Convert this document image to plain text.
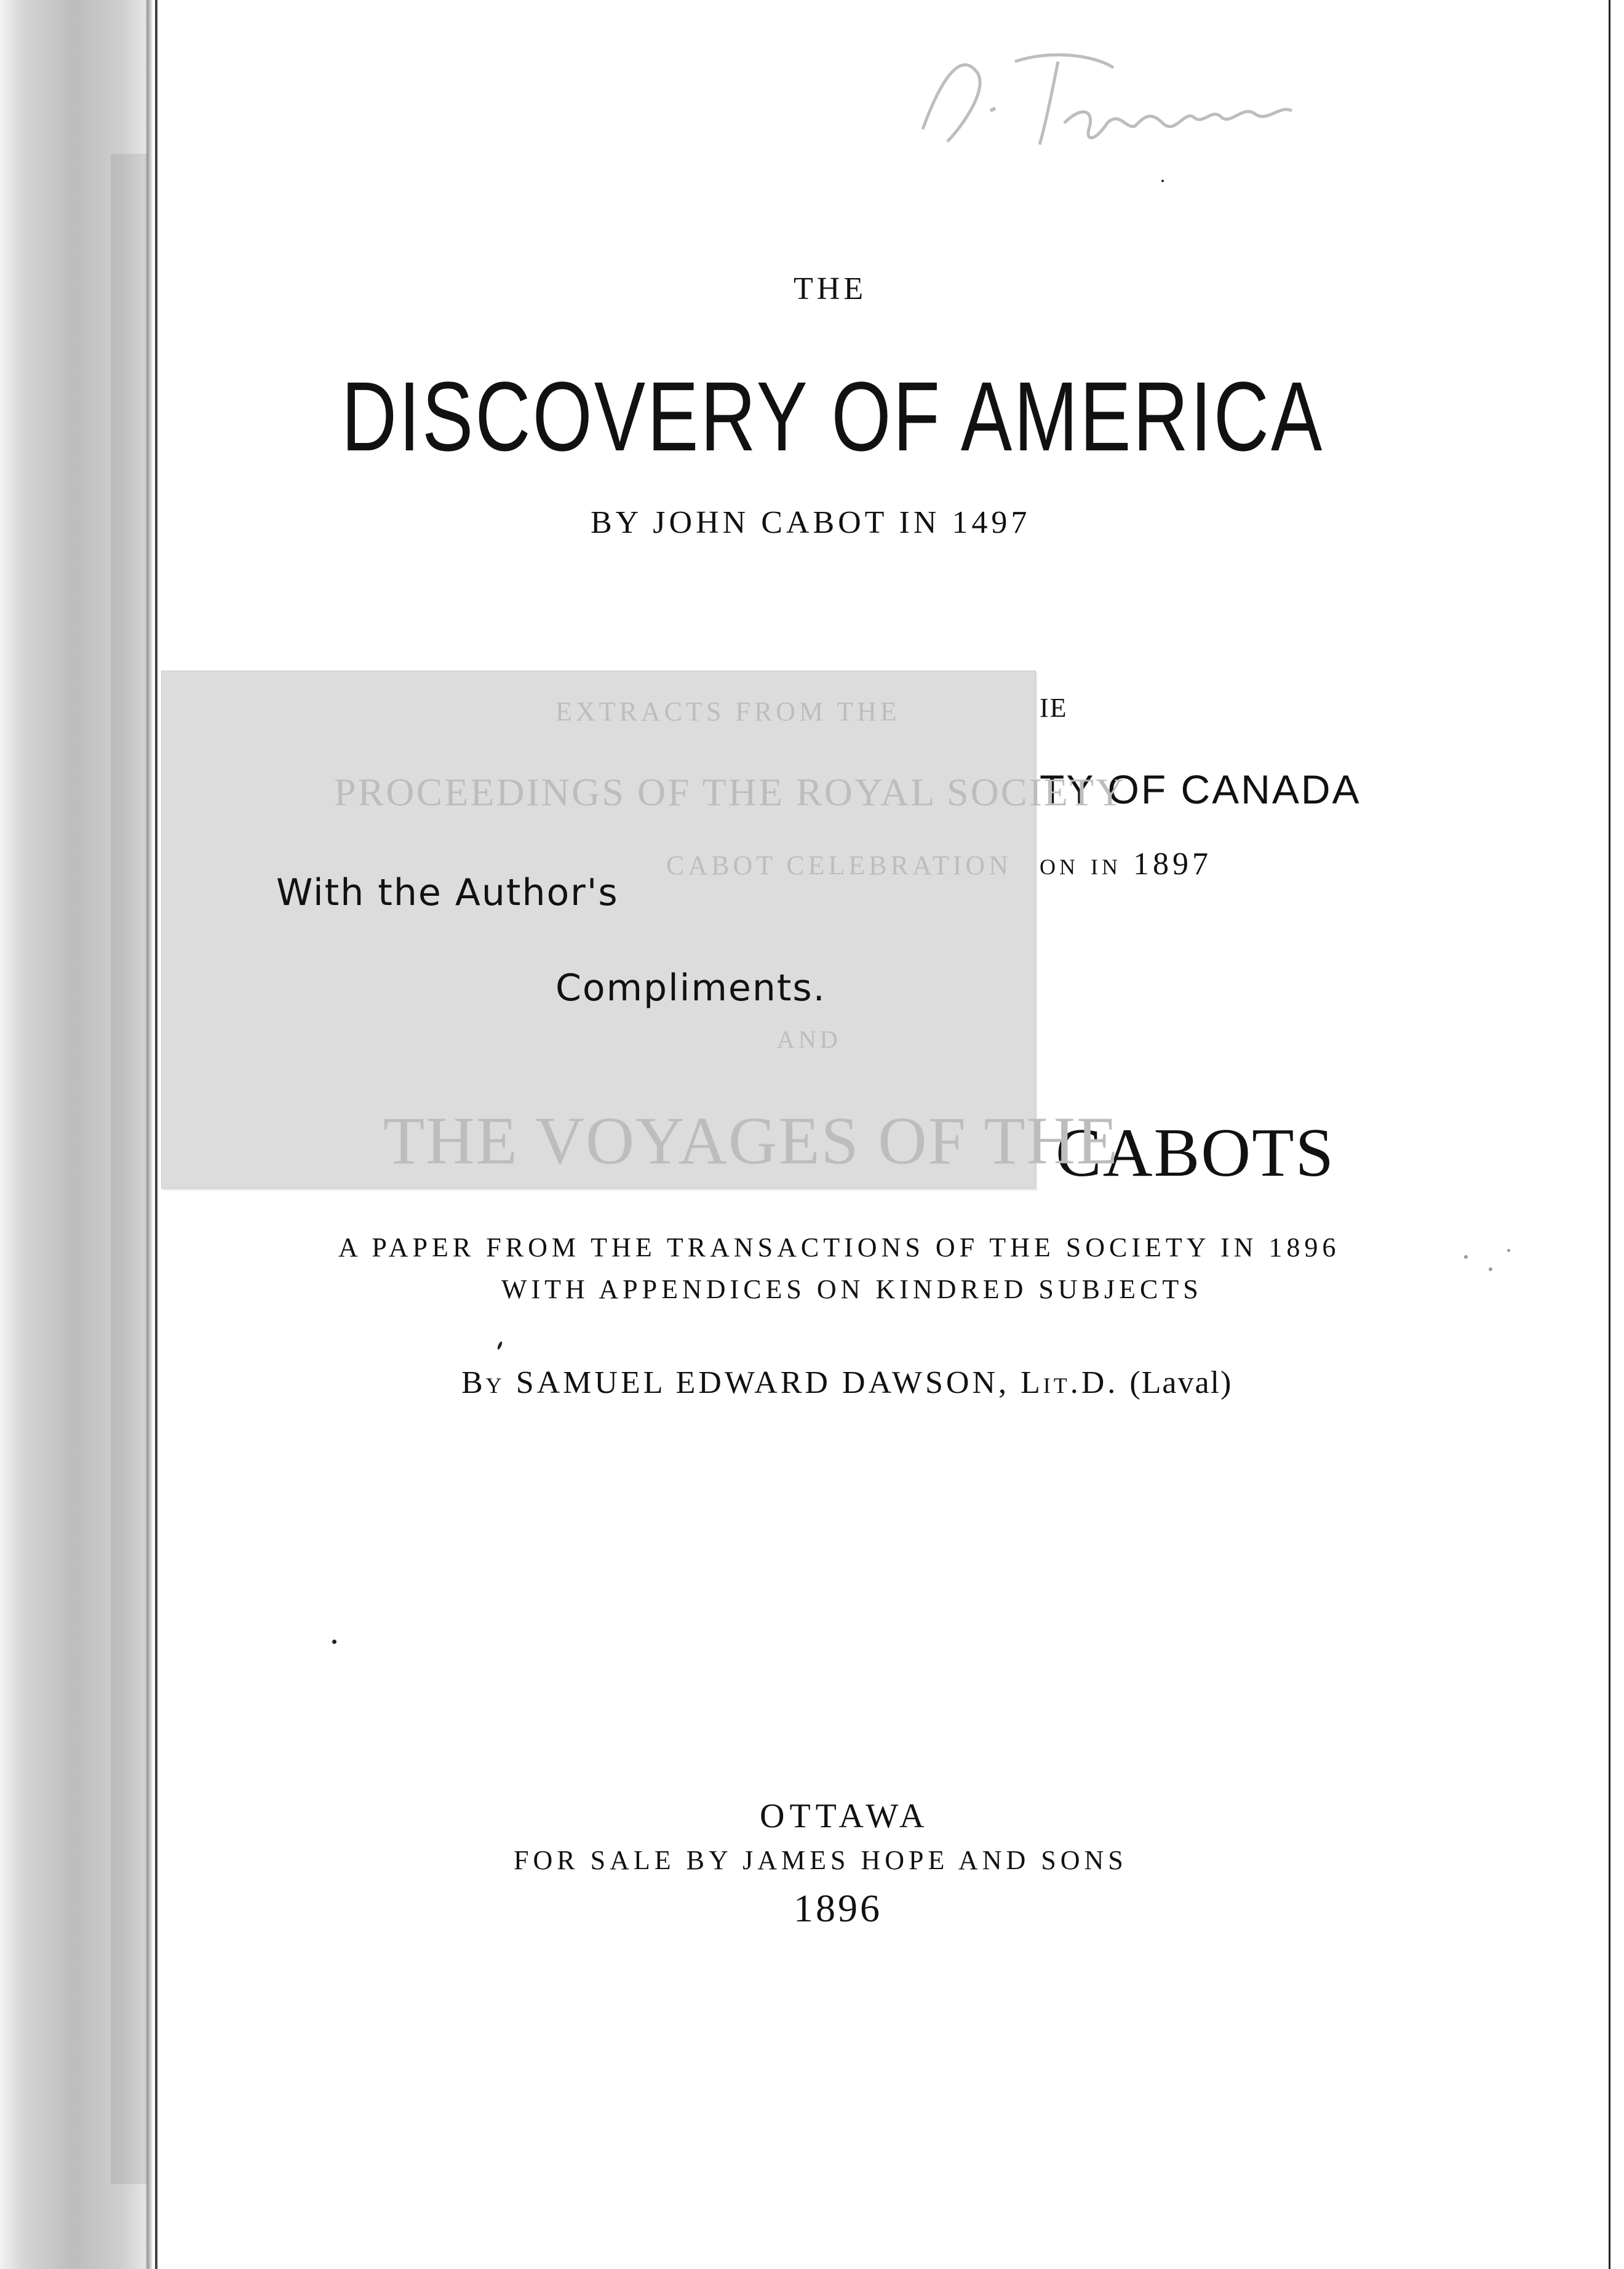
THE
DISCOVERY OF AMERICA
BY JOHN CABOT IN 1497
IE
TY OF CANADA
on in 1897
CABOTS
EXTRACTS FROM THE
PROCEEDINGS OF THE ROYAL SOCIETY
CABOT CELEBRATION
AND
THE VOYAGES OF THE
With the Author's
Compliments.
A PAPER FROM THE TRANSACTIONS OF THE SOCIETY IN 1896
WITH APPENDICES ON KINDRED SUBJECTS
By SAMUEL EDWARD DAWSON, Lit.D. (Laval)
OTTAWA
FOR SALE BY JAMES HOPE AND SONS
1896
